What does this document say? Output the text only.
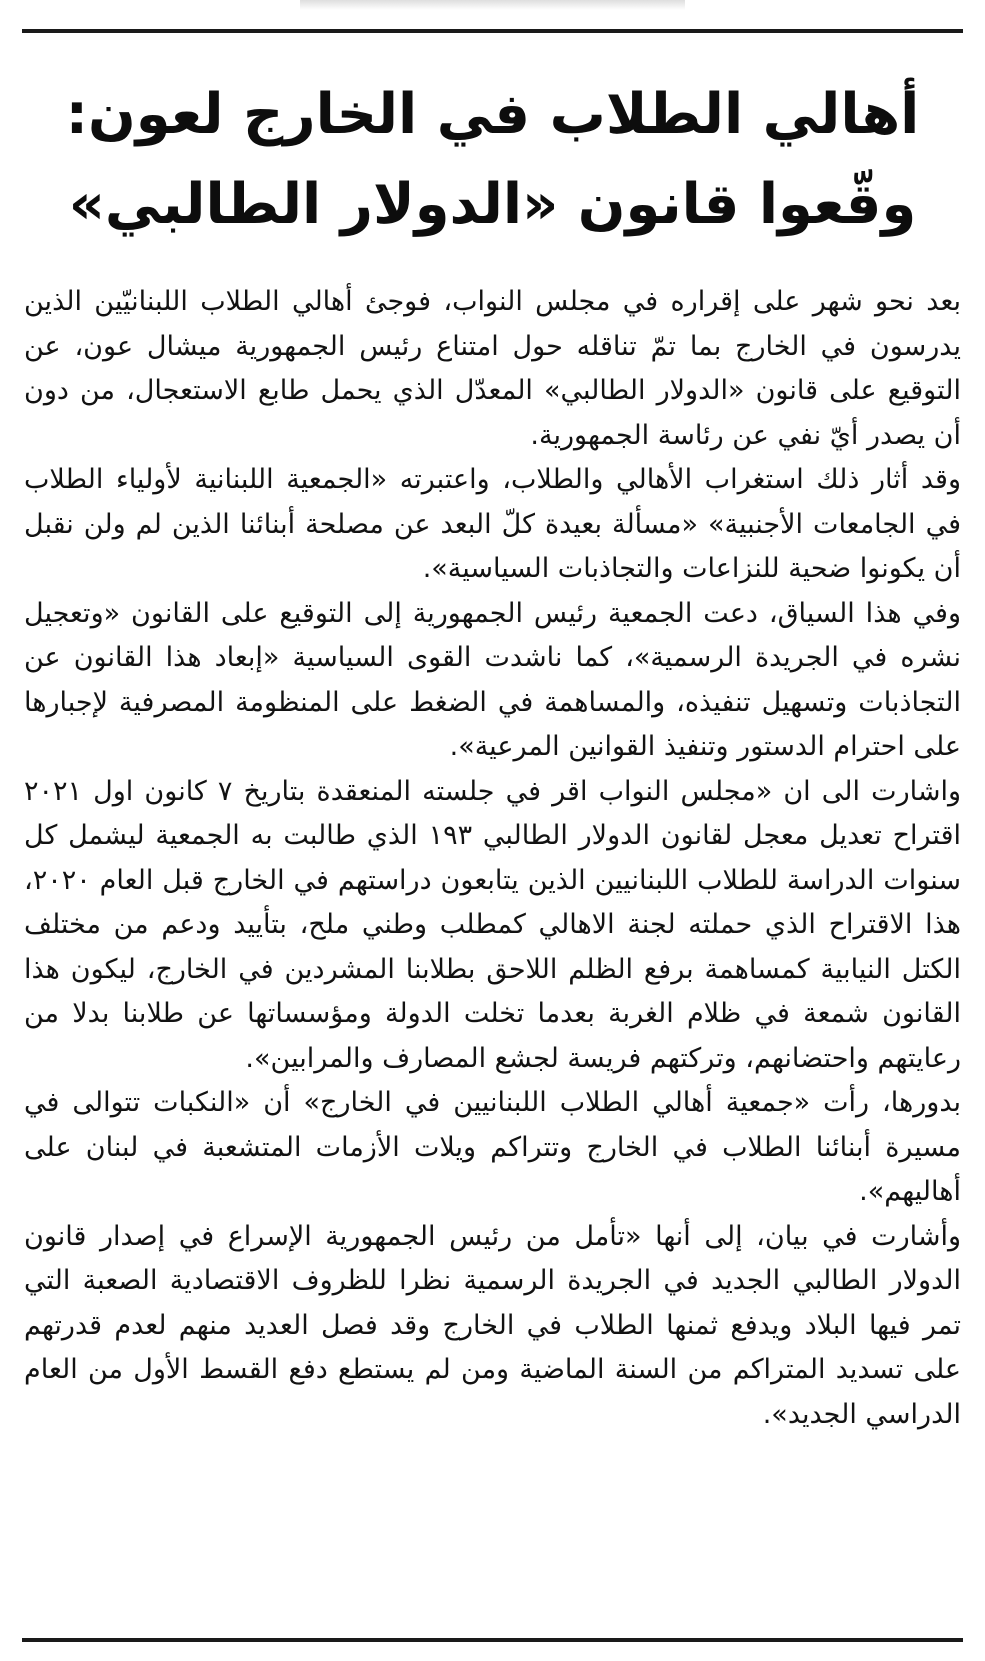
أهالي الطلاب في الخارج لعون:
وقّعوا قانون «الدولار الطالبي»

بعد نحو شهر على إقراره في مجلس النواب، فوجئ أهالي الطلاب اللبنانيّين الذين يدرسون في الخارج بما تمّ تناقله حول امتناع رئيس الجمهورية ميشال عون، عن التوقيع على قانون «الدولار الطالبي» المعدّل الذي يحمل طابع الاستعجال، من دون أن يصدر أيّ نفي عن رئاسة الجمهورية.

وقد أثار ذلك استغراب الأهالي والطلاب، واعتبرته «الجمعية اللبنانية لأولياء الطلاب في الجامعات الأجنبية» «مسألة بعيدة كلّ البعد عن مصلحة أبنائنا الذين لم ولن نقبل أن يكونوا ضحية للنزاعات والتجاذبات السياسية».

وفي هذا السياق، دعت الجمعية رئيس الجمهورية إلى التوقيع على القانون «وتعجيل نشره في الجريدة الرسمية»، كما ناشدت القوى السياسية «إبعاد هذا القانون عن التجاذبات وتسهيل تنفيذه، والمساهمة في الضغط على المنظومة المصرفية لإجبارها على احترام الدستور وتنفيذ القوانين المرعية».

واشارت الى ان «مجلس النواب اقر في جلسته المنعقدة بتاريخ ٧ كانون اول ٢٠٢١ اقتراح تعديل معجل لقانون الدولار الطالبي ١٩٣ الذي طالبت به الجمعية ليشمل كل سنوات الدراسة للطلاب اللبنانيين الذين يتابعون دراستهم في الخارج قبل العام ٢٠٢٠، هذا الاقتراح الذي حملته لجنة الاهالي كمطلب وطني ملح، بتأييد ودعم من مختلف الكتل النيابية كمساهمة برفع الظلم اللاحق بطلابنا المشردين في الخارج، ليكون هذا القانون شمعة في ظلام الغربة بعدما تخلت الدولة ومؤسساتها عن طلابنا بدلا من رعايتهم واحتضانهم، وتركتهم فريسة لجشع المصارف والمرابين».

بدورها، رأت «جمعية أهالي الطلاب اللبنانيين في الخارج» أن «النكبات تتوالى في مسيرة أبنائنا الطلاب في الخارج وتتراكم ويلات الأزمات المتشعبة في لبنان على أهاليهم».

وأشارت في بيان، إلى أنها «تأمل من رئيس الجمهورية الإسراع في إصدار قانون الدولار الطالبي الجديد في الجريدة الرسمية نظرا للظروف الاقتصادية الصعبة التي تمر فيها البلاد ويدفع ثمنها الطلاب في الخارج وقد فصل العديد منهم لعدم قدرتهم على تسديد المتراكم من السنة الماضية ومن لم يستطع دفع القسط الأول من العام الدراسي الجديد».
